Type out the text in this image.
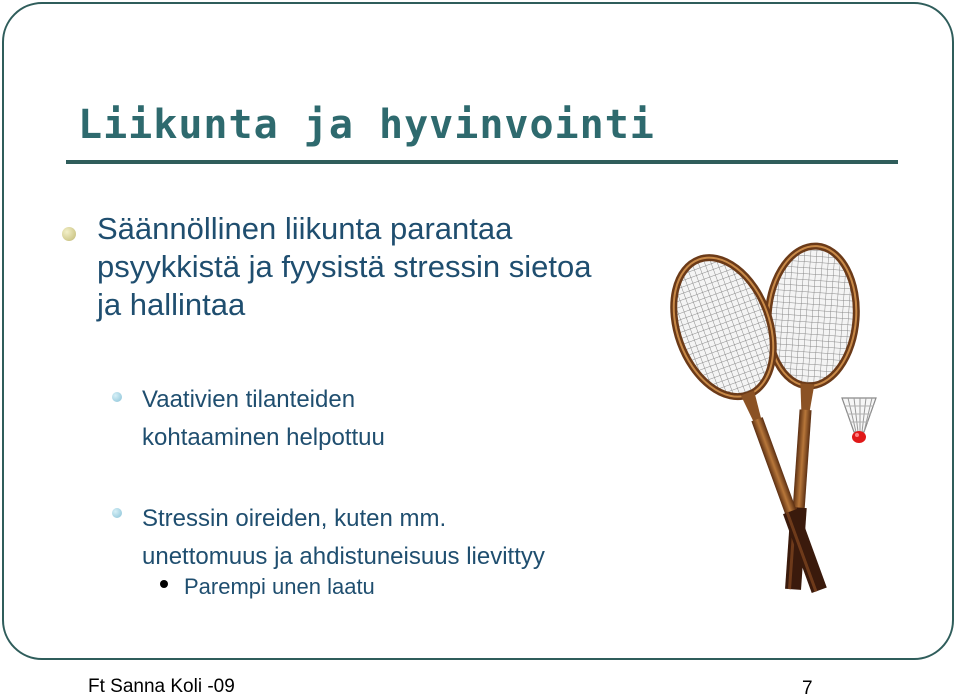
Liikunta ja hyvinvointi
Säännöllinen liikunta parantaa
psyykkistä ja fyysistä stressin sietoa
ja hallintaa
Vaativien tilanteiden
kohtaaminen helpottuu
Stressin oireiden, kuten mm.
unettomuus ja ahdistuneisuus lievittyy
Parempi unen laatu
Ft Sanna Koli -09	7
